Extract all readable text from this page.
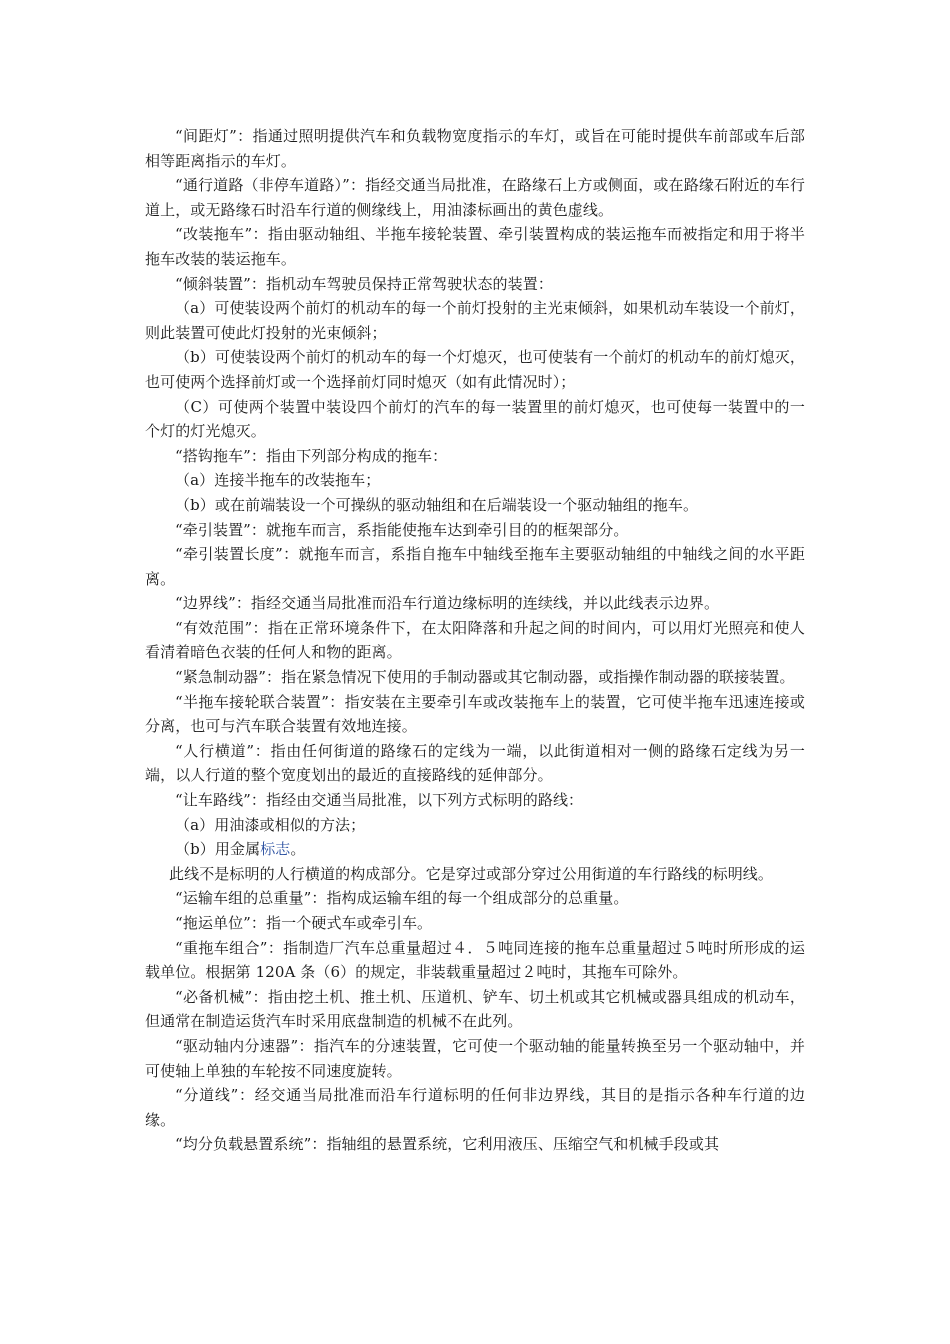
“间距灯”：指通过照明提供汽车和负载物宽度指示的车灯，或旨在可能时提供车前部或车后部相等距离指示的车灯。

“通行道路（非停车道路）”：指经交通当局批准，在路缘石上方或侧面，或在路缘石附近的车行道上，或无路缘石时沿车行道的侧缘线上，用油漆标画出的黄色虚线。

“改装拖车”：指由驱动轴组、半拖车接轮装置、牵引装置构成的装运拖车而被指定和用于将半拖车改装的装运拖车。

“倾斜装置”：指机动车驾驶员保持正常驾驶状态的装置：

（a）可使装设两个前灯的机动车的每一个前灯投射的主光束倾斜，如果机动车装设一个前灯，则此装置可使此灯投射的光束倾斜；

（b）可使装设两个前灯的机动车的每一个灯熄灭，也可使装有一个前灯的机动车的前灯熄灭，也可使两个选择前灯或一个选择前灯同时熄灭（如有此情况时）；

（C）可使两个装置中装设四个前灯的汽车的每一装置里的前灯熄灭，也可使每一装置中的一个灯的灯光熄灭。

“搭钩拖车”：指由下列部分构成的拖车：

（a）连接半拖车的改装拖车；

（b）或在前端装设一个可操纵的驱动轴组和在后端装设一个驱动轴组的拖车。

“牵引装置”：就拖车而言，系指能使拖车达到牵引目的的框架部分。

“牵引装置长度”：就拖车而言，系指自拖车中轴线至拖车主要驱动轴组的中轴线之间的水平距离。

“边界线”：指经交通当局批准而沿车行道边缘标明的连续线，并以此线表示边界。

“有效范围”：指在正常环境条件下，在太阳降落和升起之间的时间内，可以用灯光照亮和使人看清着暗色衣装的任何人和物的距离。

“紧急制动器”：指在紧急情况下使用的手制动器或其它制动器，或指操作制动器的联接装置。

“半拖车接轮联合装置”：指安装在主要牵引车或改装拖车上的装置，它可使半拖车迅速连接或分离，也可与汽车联合装置有效地连接。

“人行横道”：指由任何街道的路缘石的定线为一端，以此街道相对一侧的路缘石定线为另一端，以人行道的整个宽度划出的最近的直接路线的延伸部分。

“让车路线”：指经由交通当局批准，以下列方式标明的路线：

（a）用油漆或相似的方法；

（b）用金属标志。

此线不是标明的人行横道的构成部分。它是穿过或部分穿过公用街道的车行路线的标明线。

“运输车组的总重量”：指构成运输车组的每一个组成部分的总重量。

“拖运单位”：指一个硬式车或牵引车。

“重拖车组合”：指制造厂汽车总重量超过４．５吨同连接的拖车总重量超过５吨时所形成的运载单位。根据第 120A 条（6）的规定，非装载重量超过２吨时，其拖车可除外。

“必备机械”：指由挖土机、推土机、压道机、铲车、切土机或其它机械或器具组成的机动车，但通常在制造运货汽车时采用底盘制造的机械不在此列。

“驱动轴内分速器”：指汽车的分速装置，它可使一个驱动轴的能量转换至另一个驱动轴中，并可使轴上单独的车轮按不同速度旋转。

“分道线”：经交通当局批准而沿车行道标明的任何非边界线，其目的是指示各种车行道的边缘。

“均分负载悬置系统”：指轴组的悬置系统，它利用液压、压缩空气和机械手段或其
